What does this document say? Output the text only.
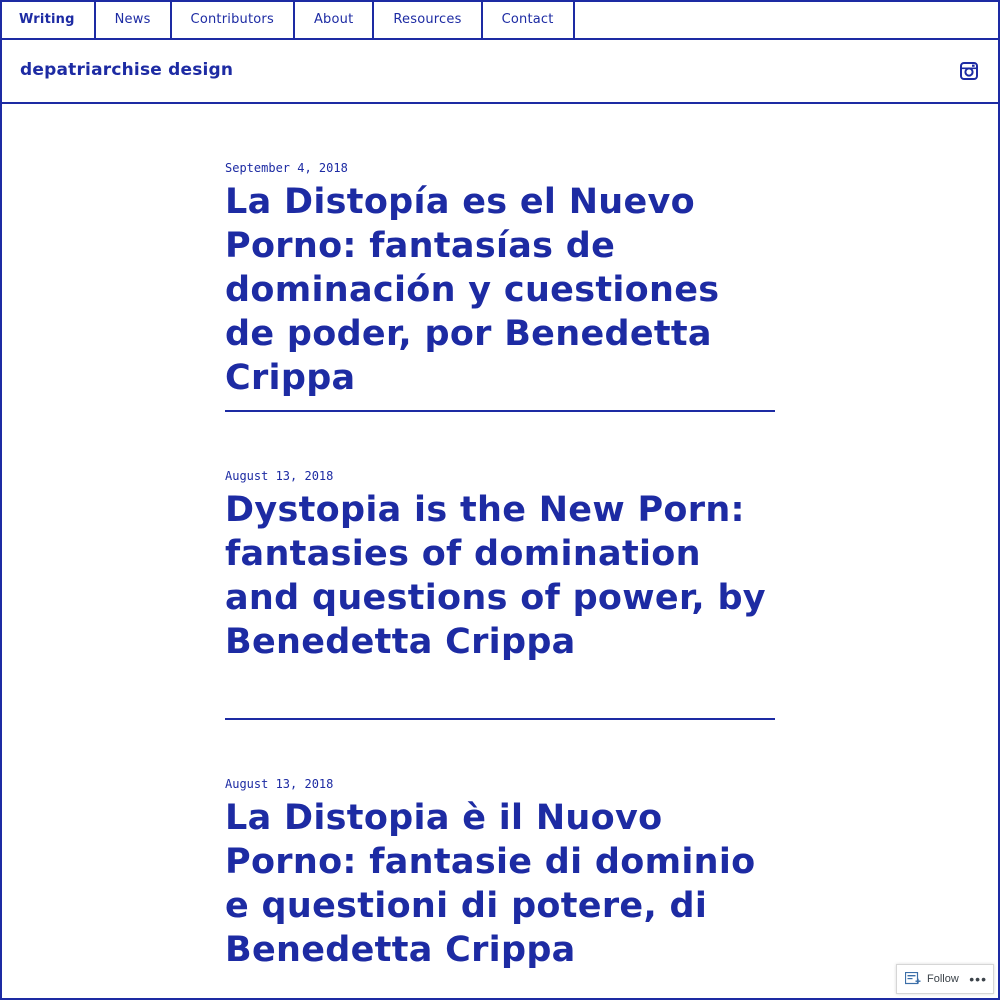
Writing	News	Contributors	About	Resources	Contact
depatriarchise design
September 4, 2018
La Distopía es el Nuevo Porno: fantasías de dominación y cuestiones de poder, por Benedetta Crippa
August 13, 2018
Dystopia is the New Porn: fantasies of domination and questions of power, by Benedetta Crippa
August 13, 2018
La Distopia è il Nuovo Porno: fantasie di dominio e questioni di potere, di Benedetta Crippa
Follow •••
